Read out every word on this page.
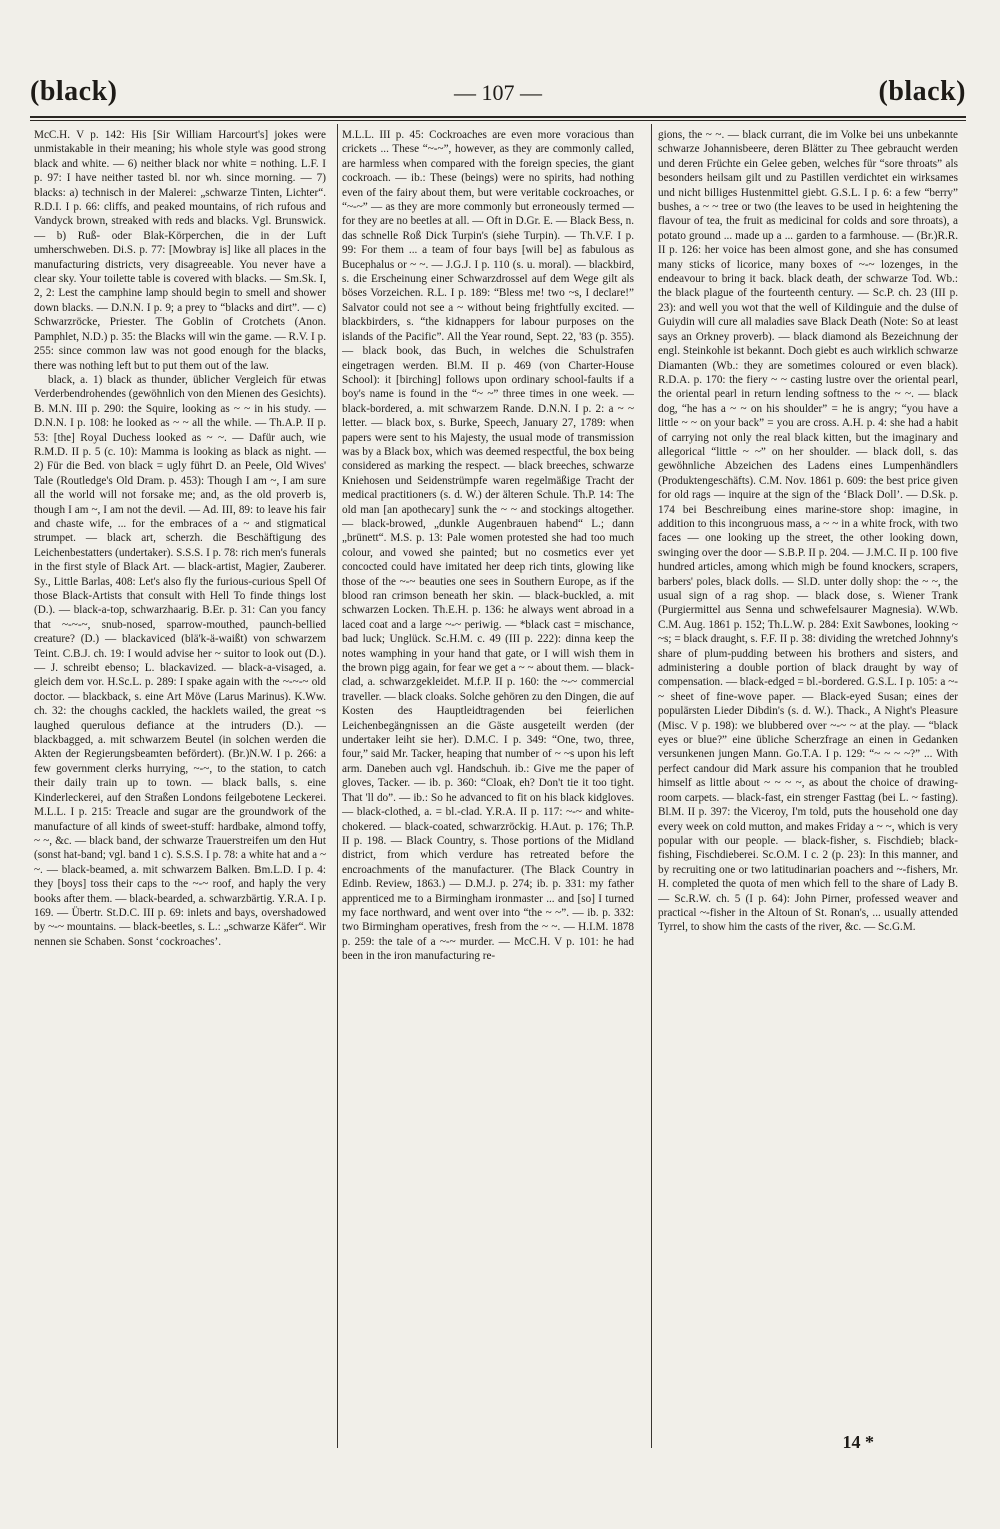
(black)	— 107 —	(black)

McC.H. V p. 142: His [Sir William Harcourt's] jokes were unmistakable in their meaning; his whole style was good strong black and white. — 6) neither black nor white = nothing. L.F. I p. 97: I have neither tasted bl. nor wh. since morning. — 7) blacks: a) technisch in der Malerei: „schwarze Tinten, Lichter“. R.D.I. I p. 66: cliffs, and peaked mountains, of rich rufous and Vandyck brown, streaked with reds and blacks. Vgl. Brunswick. — b) Ruß- oder Blak-Körperchen, die in der Luft umherschweben. Di.S. p. 77: [Mowbray is] like all places in the manufacturing districts, very disagreeable. You never have a clear sky. Your toilette table is covered with blacks. — Sm.Sk. I, 2, 2: Lest the camphine lamp should begin to smell and shower down blacks. — D.N.N. I p. 9; a prey to “blacks and dirt”. — c) Schwarzröcke, Priester. The Goblin of Crotchets (Anon. Pamphlet, N.D.) p. 35: the Blacks will win the game. — R.V. I p. 255: since common law was not good enough for the blacks, there was nothing left but to put them out of the law.

black, a. 1) black as thunder, üblicher Vergleich für etwas Verderbendrohendes (gewöhnlich von den Mienen des Gesichts). B. M.N. III p. 290: the Squire, looking as ~ ~ in his study. — D.N.N. I p. 108: he looked as ~ ~ all the while. — Th.A.P. II p. 53: [the] Royal Duchess looked as ~ ~. — Dafür auch, wie R.M.D. II p. 5 (c. 10): Mamma is looking as black as night. — 2) Für die Bed. von black = ugly führt D. an Peele, Old Wives' Tale (Routledge's Old Dram. p. 453): Though I am ~, I am sure all the world will not forsake me; and, as the old proverb is, though I am ~, I am not the devil. — Ad. III, 89: to leave his fair and chaste wife, ... for the embraces of a ~ and stigmatical strumpet. — black art, scherzh. die Beschäftigung des Leichenbestatters (undertaker). S.S.S. I p. 78: rich men's funerals in the first style of Black Art. — black-artist, Magier, Zauberer. Sy., Little Barlas, 408: Let's also fly the furious-curious Spell Of those Black-Artists that consult with Hell To finde things lost (D.). — black-a-top, schwarzhaarig. B.Er. p. 31: Can you fancy that ~-~-~, snub-nosed, sparrow-mouthed, paunch-bellied creature? (D.) — blackaviced (blä'k-ä-waißt) von schwarzem Teint. C.B.J. ch. 19: I would advise her ~ suitor to look out (D.). — J. schreibt ebenso; L. blackavized. — black-a-visaged, a. gleich dem vor. H.Sc.L. p. 289: I spake again with the ~-~-~ old doctor. — blackback, s. eine Art Möve (Larus Marinus). K.Ww. ch. 32: the choughs cackled, the hacklets wailed, the great ~s laughed querulous defiance at the intruders (D.). — blackbagged, a. mit schwarzem Beutel (in solchen werden die Akten der Regierungsbeamten befördert). (Br.)N.W. I p. 266: a few government clerks hurrying, ~-~, to the station, to catch their daily train up to town. — black balls, s. eine Kinderleckerei, auf den Straßen Londons feilgebotene Leckerei. M.L.L. I p. 215: Treacle and sugar are the groundwork of the manufacture of all kinds of sweet-stuff: hardbake, almond toffy, ~ ~, &c. — black band, der schwarze Trauerstreifen um den Hut (sonst hat-band; vgl. band 1 c). S.S.S. I p. 78: a white hat and a ~ ~. — black-beamed, a. mit schwarzem Balken. Bm.L.D. I p. 4: they [boys] toss their caps to the ~-~ roof, and haply the very books after them. — black-bearded, a. schwarzbärtig. Y.R.A. I p. 169. — Übertr. St.D.C. III p. 69: inlets and bays, overshadowed by ~-~ mountains. — black-beetles, s. L.: „schwarze Käfer“. Wir nennen sie Schaben. Sonst ‘cockroaches’.

M.L.L. III p. 45: Cockroaches are even more voracious than crickets ... These “~-~”, however, as they are commonly called, are harmless when compared with the foreign species, the giant cockroach. — ib.: These (beings) were no spirits, had nothing even of the fairy about them, but were veritable cockroaches, or “~-~” — as they are more commonly but erroneously termed — for they are no beetles at all. — Oft in D.Gr. E. — Black Bess, n. das schnelle Roß Dick Turpin's (siehe Turpin). — Th.V.F. I p. 99: For them ... a team of four bays [will be] as fabulous as Bucephalus or ~ ~. — J.G.J. I p. 110 (s. u. moral). — blackbird, s. die Erscheinung einer Schwarzdrossel auf dem Wege gilt als böses Vorzeichen. R.L. I p. 189: “Bless me! two ~s, I declare!” Salvator could not see a ~ without being frightfully excited. — blackbirders, s. “the kidnappers for labour purposes on the islands of the Pacific”. All the Year round, Sept. 22, '83 (p. 355). — black book, das Buch, in welches die Schulstrafen eingetragen werden. Bl.M. II p. 469 (von Charter-House School): it [birching] follows upon ordinary school-faults if a boy's name is found in the “~ ~” three times in one week. — black-bordered, a. mit schwarzem Rande. D.N.N. I p. 2: a ~ ~ letter. — black box, s. Burke, Speech, January 27, 1789: when papers were sent to his Majesty, the usual mode of transmission was by a Black box, which was deemed respectful, the box being considered as marking the respect. — black breeches, schwarze Kniehosen und Seidenstrümpfe waren regelmäßige Tracht der medical practitioners (s. d. W.) der älteren Schule. Th.P. 14: The old man [an apothecary] sunk the ~ ~ and stockings altogether. — black-browed, „dunkle Augenbrauen habend“ L.; dann „brünett“. M.S. p. 13: Pale women protested she had too much colour, and vowed she painted; but no cosmetics ever yet concocted could have imitated her deep rich tints, glowing like those of the ~-~ beauties one sees in Southern Europe, as if the blood ran crimson beneath her skin. — black-buckled, a. mit schwarzen Locken. Th.E.H. p. 136: he always went abroad in a laced coat and a large ~-~ periwig. — *black cast = mischance, bad luck; Unglück. Sc.H.M. c. 49 (III p. 222): dinna keep the notes wamphing in your hand that gate, or I will wish them in the brown pigg again, for fear we get a ~ ~ about them. — black-clad, a. schwarzgekleidet. M.f.P. II p. 160: the ~-~ commercial traveller. — black cloaks. Solche gehören zu den Dingen, die auf Kosten des Hauptleidtragenden bei feierlichen Leichenbegängnissen an die Gäste ausgeteilt werden (der undertaker leiht sie her). D.M.C. I p. 349: “One, two, three, four,” said Mr. Tacker, heaping that number of ~ ~s upon his left arm. Daneben auch vgl. Handschuh. ib.: Give me the paper of gloves, Tacker. — ib. p. 360: “Cloak, eh? Don't tie it too tight. That 'll do”. — ib.: So he advanced to fit on his black kidgloves. — black-clothed, a. = bl.-clad. Y.R.A. II p. 117: ~-~ and white-chokered. — black-coated, schwarzröckig. H.Aut. p. 176; Th.P. II p. 198. — Black Country, s. Those portions of the Midland district, from which verdure has retreated before the encroachments of the manufacturer. (The Black Country in Edinb. Review, 1863.) — D.M.J. p. 274; ib. p. 331: my father apprenticed me to a Birmingham ironmaster ... and [so] I turned my face northward, and went over into “the ~ ~”. — ib. p. 332: two Birmingham operatives, fresh from the ~ ~. — H.I.M. 1878 p. 259: the tale of a ~-~ murder. — McC.H. V p. 101: he had been in the iron manufacturing re-

gions, the ~ ~. — black currant, die im Volke bei uns unbekannte schwarze Johannisbeere, deren Blätter zu Thee gebraucht werden und deren Früchte ein Gelee geben, welches für “sore throats” als besonders heilsam gilt und zu Pastillen verdichtet ein wirksames und nicht billiges Hustenmittel giebt. G.S.L. I p. 6: a few “berry” bushes, a ~ ~ tree or two (the leaves to be used in heightening the flavour of tea, the fruit as medicinal for colds and sore throats), a potato ground ... made up a ... garden to a farmhouse. — (Br.)R.R. II p. 126: her voice has been almost gone, and she has consumed many sticks of licorice, many boxes of ~-~ lozenges, in the endeavour to bring it back. black death, der schwarze Tod. Wb.: the black plague of the fourteenth century. — Sc.P. ch. 23 (III p. 23): and well you wot that the well of Kildinguie and the dulse of Guiydin will cure all maladies save Black Death (Note: So at least says an Orkney proverb). — black diamond als Bezeichnung der engl. Steinkohle ist bekannt. Doch giebt es auch wirklich schwarze Diamanten (Wb.: they are sometimes coloured or even black). R.D.A. p. 170: the fiery ~ ~ casting lustre over the oriental pearl, the oriental pearl in return lending softness to the ~ ~. — black dog, “he has a ~ ~ on his shoulder” = he is angry; “you have a little ~ ~ on your back” = you are cross. A.H. p. 4: she had a habit of carrying not only the real black kitten, but the imaginary and allegorical “little ~ ~” on her shoulder. — black doll, s. das gewöhnliche Abzeichen des Ladens eines Lumpenhändlers (Produktengeschäfts). C.M. Nov. 1861 p. 609: the best price given for old rags — inquire at the sign of the ‘Black Doll’. — D.Sk. p. 174 bei Beschreibung eines marine-store shop: imagine, in addition to this incongruous mass, a ~ ~ in a white frock, with two faces — one looking up the street, the other looking down, swinging over the door — S.B.P. II p. 204. — J.M.C. II p. 100 five hundred articles, among which migh be found knockers, scrapers, barbers' poles, black dolls. — Sl.D. unter dolly shop: the ~ ~, the usual sign of a rag shop. — black dose, s. Wiener Trank (Purgiermittel aus Senna und schwefelsaurer Magnesia). W.Wb. C.M. Aug. 1861 p. 152; Th.L.W. p. 284: Exit Sawbones, looking ~ ~s; = black draught, s. F.F. II p. 38: dividing the wretched Johnny's share of plum-pudding between his brothers and sisters, and administering a double portion of black draught by way of compensation. — black-edged = bl.-bordered. G.S.L. I p. 105: a ~-~ sheet of fine-wove paper. — Black-eyed Susan; eines der populärsten Lieder Dibdin's (s. d. W.). Thack., A Night's Pleasure (Misc. V p. 198): we blubbered over ~-~ ~ at the play. — “black eyes or blue?” eine übliche Scherzfrage an einen in Gedanken versunkenen jungen Mann. Go.T.A. I p. 129: “~ ~ ~ ~?” ... With perfect candour did Mark assure his companion that he troubled himself as little about ~ ~ ~ ~, as about the choice of drawing-room carpets. — black-fast, ein strenger Fasttag (bei L. ~ fasting). Bl.M. II p. 397: the Viceroy, I'm told, puts the household one day every week on cold mutton, and makes Friday a ~ ~, which is very popular with our people. — black-fisher, s. Fischdieb; black-fishing, Fischdieberei. Sc.O.M. I c. 2 (p. 23): In this manner, and by recruiting one or two latitudinarian poachers and ~-fishers, Mr. H. completed the quota of men which fell to the share of Lady B. — Sc.R.W. ch. 5 (I p. 64): John Pirner, professed weaver and practical ~-fisher in the Altoun of St. Ronan's, ... usually attended Tyrrel, to show him the casts of the river, &c. — Sc.G.M.

14 *
